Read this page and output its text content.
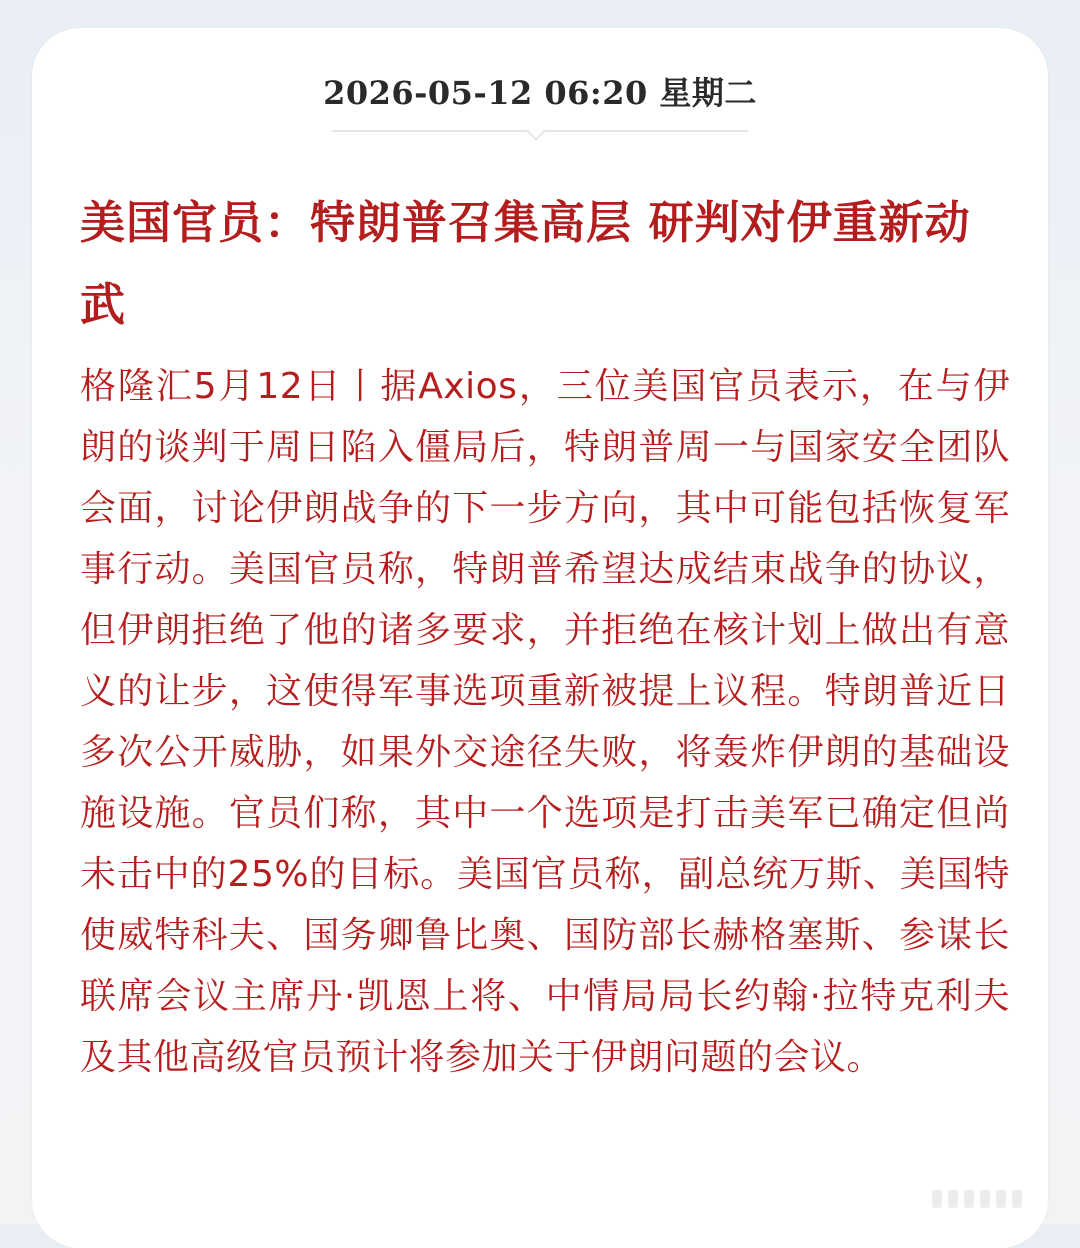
2026-05-12 06:20 星期二
美国官员：特朗普召集高层 研判对伊重新动武

格隆汇5月12日丨据Axios，三位美国官员表示，在与伊朗的谈判于周日陷入僵局后，特朗普周一与国家安全团队会面，讨论伊朗战争的下一步方向，其中可能包括恢复军事行动。美国官员称，特朗普希望达成结束战争的协议，但伊朗拒绝了他的诸多要求，并拒绝在核计划上做出有意义的让步，这使得军事选项重新被提上议程。特朗普近日多次公开威胁，如果外交途径失败，将轰炸伊朗的基础设施设施。官员们称，其中一个选项是打击美军已确定但尚未击中的25%的目标。美国官员称，副总统万斯、美国特使威特科夫、国务卿鲁比奥、国防部长赫格塞斯、参谋长联席会议主席丹·凯恩上将、中情局局长约翰·拉特克利夫及其他高级官员预计将参加关于伊朗问题的会议。
